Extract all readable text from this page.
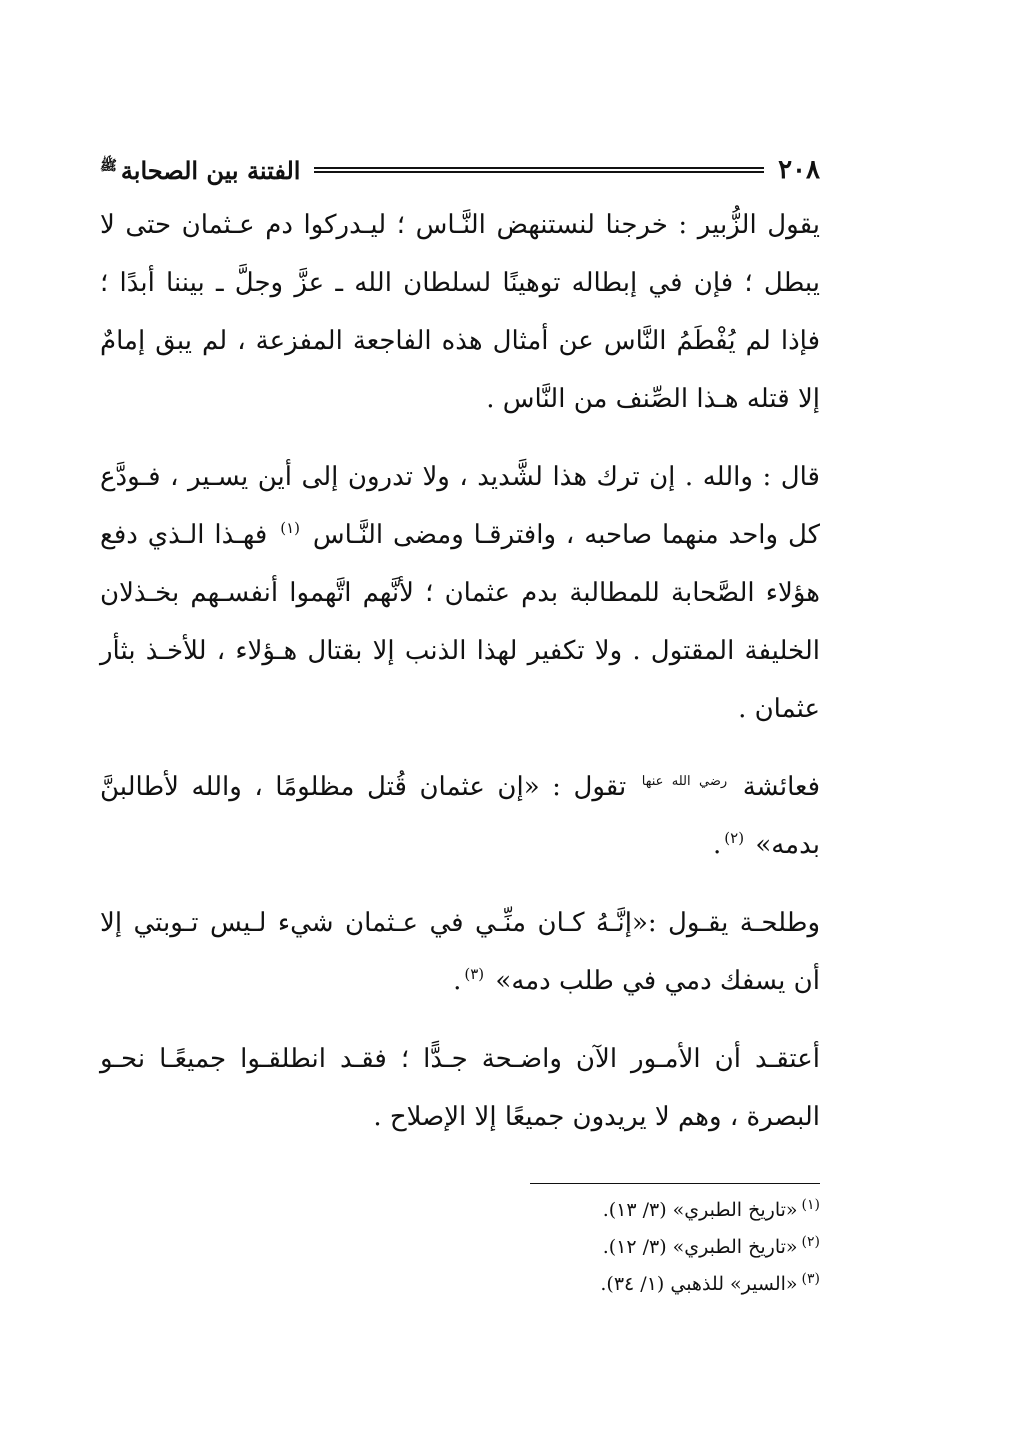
٢٠٨
الفتنة بين الصحابة$^ﷺ$

يقول الزُّبير : خرجنا لنستنهض النَّـاس ؛ ليـدركوا دم عـثمان حتى لا يبطل ؛ فإن في إبطاله توهينًا لسلطان الله ـ عزَّ وجلَّ ـ بيننا أبدًا ؛ فإذا لم يُفْطَمُ النَّاس عن أمثال هذه الفاجعة المفزعة ، لم يبق إمامٌ إلا قتله هـذا الصِّنف من النَّاس .

قال : والله . إن ترك هذا لشَّديد ، ولا تدرون إلى أين يسـير ، فـودَّع كل واحد منهما صاحبه ، وافترقـا ومضى النَّـاس $^{(١)}$ فهـذا الـذي دفع هؤلاء الصَّحابة للمطالبة بدم عثمان ؛ لأنَّهم اتَّهموا أنفسـهم بخـذلان الخليفة المقتول . ولا تكفير لهذا الذنب إلا بقتال هـؤلاء ، للأخـذ بثأر عثمان .

فعائشة $^{رضي الله عنها}$ تقول : «إن عثمان قُتل مظلومًا ، والله لأطالبنَّ بدمه» $^{(٢)}$.

وطلحـة يقـول :«إنَّـهُ كـان منِّـي في عـثمان شيء لـيس تـوبتي إلا أن يسفك دمي في طلب دمه» $^{(٣)}$.

أعتقـد أن الأمـور الآن واضـحة جـدًّا ؛ فقـد انطلقـوا جميعًـا نحـو البصرة ، وهم لا يريدون جميعًا إلا الإصلاح .

$^{(١)}$«تاريخ الطبري» (٣/ ١٣).

$^{(٢)}$«تاريخ الطبري» (٣/ ١٢).

$^{(٣)}$«السير» للذهبي (١/ ٣٤).
